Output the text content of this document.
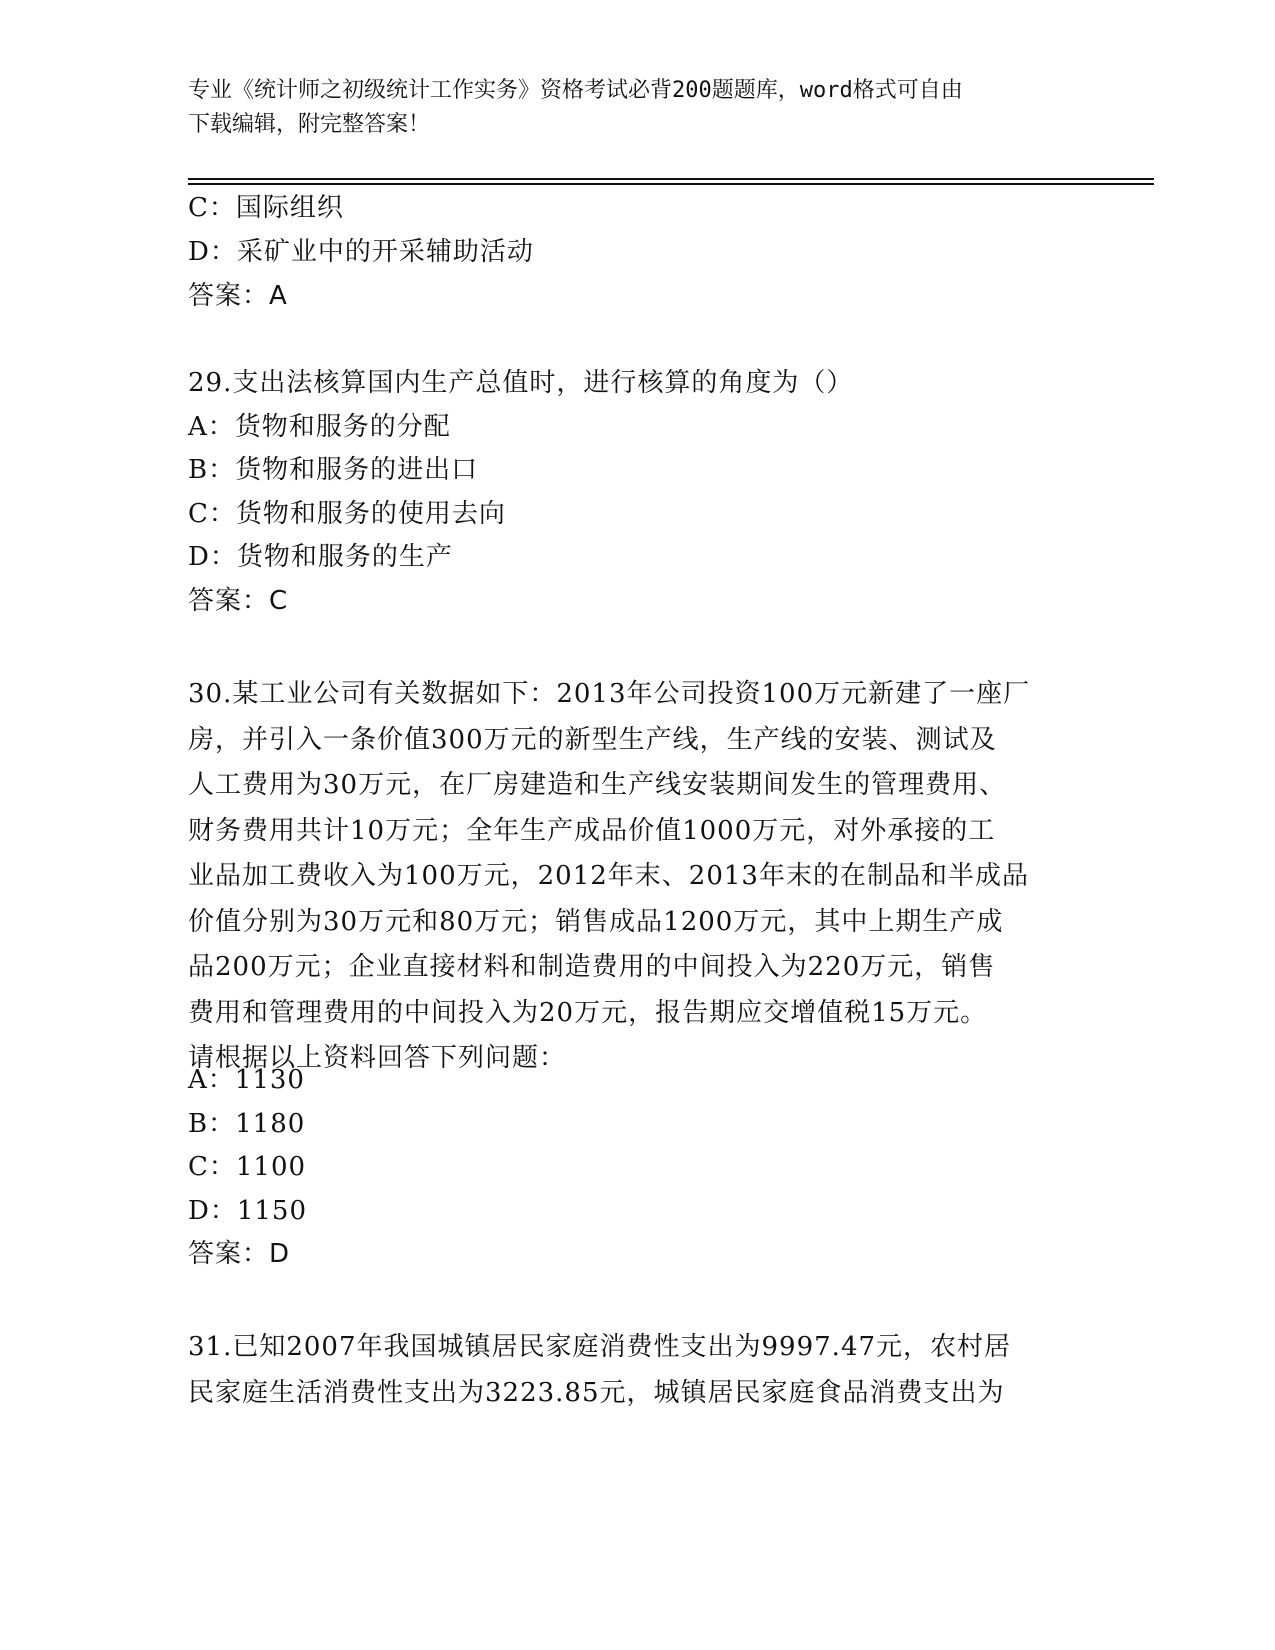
专业《统计师之初级统计工作实务》资格考试必背200题题库，word格式可自由
下载编辑，附完整答案！
C：国际组织
D：采矿业中的开采辅助活动
答案：A
29.支出法核算国内生产总值时，进行核算的角度为（）
A：货物和服务的分配
B：货物和服务的进出口
C：货物和服务的使用去向
D：货物和服务的生产
答案：C
30.某工业公司有关数据如下：2013年公司投资100万元新建了一座厂
房，并引入一条价值300万元的新型生产线，生产线的安装、测试及
人工费用为30万元，在厂房建造和生产线安装期间发生的管理费用、
财务费用共计10万元；全年生产成品价值1000万元，对外承接的工
业品加工费收入为100万元，2012年末、2013年末的在制品和半成品
价值分别为30万元和80万元；销售成品1200万元，其中上期生产成
品200万元；企业直接材料和制造费用的中间投入为220万元，销售
费用和管理费用的中间投入为20万元，报告期应交增值税15万元。
请根据以上资料回答下列问题：
A：1130
B：1180
C：1100
D：1150
答案：D
31.已知2007年我国城镇居民家庭消费性支出为9997.47元，农村居
民家庭生活消费性支出为3223.85元，城镇居民家庭食品消费支出为
